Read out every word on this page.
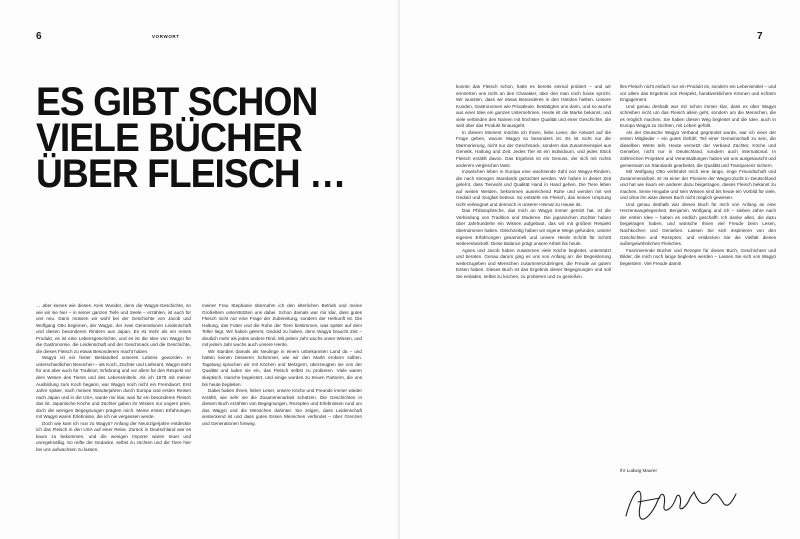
6	VORWORT
ES GIBT SCHON
VIELE BÜCHER
ÜBER FLEISCH …

… aber keines wie dieses. Kein Wunder, denn die Wagyū-Geschichte, so wie wir sie hier – in seiner ganzen Tiefe und Seele – erzählen, ist auch für uns neu. Dann müssen wir wohl bei der Geschichte von Jacob und Wolfgang Otto beginnen, der Wagyū, der zwei Generationen Leidenschaft und diesen besonderen Rindern aus Japan. Es ist mehr als ein reines Produkt, es ist eine Lebensgeschichte, und es ist die Idee von Wagyū für die Gastronomie, die Leidenschaft und der Geschmack und die Geschichte, die dieses Fleisch zu etwas Besonderem macht haben.

Wagyū ist ein fester Bestandteil unseres Lebens geworden. In unterschiedlichen Bereichen – als Koch, Züchter und Lieferant. Wagyū steht für uns aber auch für Tradition, Erfahrung und vor allem für den Respekt vor dem Wesen des Tieres und des Lebensmittels. Als ich 1978 mit meiner Ausbildung zum Koch begann, war Wagyū noch nicht ein Fremdwort. Erst Jahre später, nach meinen Wanderjahren durch Europa und ersten Reisen nach Japan und in die USA, wurde mir klar, was für ein besonderes Fleisch das ist. Japanische Köche und Züchter gaben ihr Wissen nur ungern preis, doch die wenigen Begegnungen prägten mich. Meine ersten Erfahrungen mit Wagyū waren Erlebnisse, die ich nie vergessen werde.

Doch wie kam ich nun zu Wagyū? Anfang der Neunzigerjahre entdeckte ich das Fleisch in den USA auf einer Reise. Zurück in Deutschland war es kaum zu bekommen, und die wenigen Importe waren teuer und unregelmäßig. So reifte der Gedanke, selbst zu züchten und die Tiere hier bei uns aufwachsen zu lassen.

meiner Frau Stephanie übernahm ich den elterlichen Betrieb und meine Großeltern unterstützten uns dabei. Schon damals war mir klar, dass gutes Fleisch nicht nur eine Frage der Zubereitung, sondern der Herkunft ist. Die Haltung, das Futter und die Ruhe der Tiere bestimmen, was später auf dem Teller liegt. Wir haben gelernt, Geduld zu haben, denn Wagyū braucht Zeit – deutlich mehr als jedes andere Rind. Mit jedem Jahr wuchs unser Wissen, und mit jedem Jahr wuchs auch unsere Herde.

Wir standen damals als Neulinge in einem unbekannten Land da – und hatten keinen besseren Schimmer, wie wir den Markt erobern sollten. Tagelang sprachen wir mit Köchen und Metzgern, überzeugten sie von der Qualität und luden sie ein, das Fleisch selbst zu probieren. Viele waren skeptisch, manche begeistert, und einige wurden zu treuen Partnern, die uns bis heute begleiten.

Dabei haben Ihnen, lieber Leser, unsere Köche und Freunde immer wieder erzählt, wie sehr sie die Zusammenarbeit schätzen. Die Geschichten in diesem Buch erzählen von Begegnungen, Rezepten und Erlebnissen rund um das Wagyū und die Menschen dahinter. Sie zeigen, dass Leidenschaft ansteckend ist und dass gutes Essen Menschen verbindet – über Grenzen und Generationen hinweg.

7

konnte das Fleisch schon, hatte es bereits einmal probiert – und wir erinnerten uns nicht an den Charakter, über den man noch heute spricht. Wir wussten, dass wir etwas Besonderes in den Händen hielten. Unsere Kunden, Gastronomen wie Privatleute, bestätigten uns darin, und so wuchs aus einer Idee ein ganzes Unternehmen. Heute ist die Marke bekannt, und viele verbinden den Namen mit höchster Qualität und einer Geschichte, die weit über das Produkt hinausgeht.

In diesem Moment möchte ich Ihnen, liebe Leser, die Antwort auf die Frage geben, warum Wagyū so besonders ist. Es ist nicht nur die Marmorierung, nicht nur der Geschmack, sondern das Zusammenspiel aus Genetik, Haltung und Zeit. Jedes Tier ist ein Individuum, und jedes Stück Fleisch erzählt davon. Das Ergebnis ist ein Genuss, der sich mit nichts anderem vergleichen lässt.

Inzwischen leben in Europa eine wachsende Zahl von Wagyū-Rindern, die nach strengen Standards gezüchtet werden. Wir haben in dieser Zeit gelernt, dass Tierwohl und Qualität Hand in Hand gehen. Die Tiere leben auf weiten Weiden, bekommen ausreichend Ruhe und werden mit viel Geduld und Sorgfalt betreut. So entsteht ein Fleisch, das seinen Ursprung nicht verleugnet und dennoch in unserer Heimat zu Hause ist.

Das Philosophische, das mich an Wagyū immer gereizt hat, ist die Verbindung von Tradition und Moderne. Die japanischen Züchter haben über Jahrhunderte ein Wissen aufgebaut, das wir mit großem Respekt übernommen haben. Gleichzeitig haben wir eigene Wege gefunden, unsere eigenen Erfahrungen gesammelt und unsere Herde Schritt für Schritt weiterentwickelt. Diese Balance prägt unsere Arbeit bis heute.

Agnes und Jacob haben zusammen viele Köche begleitet, unterstützt und beraten. Genau darum ging es uns von Anfang an: die Begeisterung weiterzugeben und Menschen zusammenzubringen, die Freude an gutem Essen haben. Dieses Buch ist das Ergebnis dieser Begegnungen und soll Sie einladen, selbst zu kochen, zu probieren und zu genießen.

lles Fleisch nicht einfach nur ein Produkt ist, sondern ein Lebensmittel – und vor allem das Ergebnis von Respekt, handwerklichem Können und echtem Engagement.

Und genau deshalb war mir schon immer klar, dass es über Wagyū schreiben nicht um das Fleisch allein geht, sondern um die Menschen, die es möglich machen. Sie haben diesen Weg begleitet und die Idee, auch in Europa Wagyū zu züchten, mit Leben gefüllt.

Als der Deutsche Wagyū Verband gegründet wurde, war ich einer der ersten Mitglieder – ein gutes Gefühl, Teil einer Gemeinschaft zu sein, die dieselben Werte teilt. Heute vernetzt der Verband Züchter, Köche und Genießer, nicht nur in Deutschland, sondern auch international. In zahlreichen Projekten und Veranstaltungen haben wir uns ausgetauscht und gemeinsam an Standards gearbeitet, die Qualität und Transparenz sichern.

Mit Wolfgang Otto verbindet mich eine lange, enge Freundschaft und Zusammenarbeit. Er ist einer der Pioniere der Wagyū-Zucht in Deutschland und hat wie kaum ein anderer dazu beigetragen, dieses Fleisch bekannt zu machen. Seine Hingabe und sein Wissen sind bis heute ein Vorbild für viele, und ohne ihn wäre dieses Buch nicht möglich gewesen.

Und genau deshalb war dieses Buch für mich von Anfang an eine Herzensangelegenheit. Benjamin, Wolfgang und ich – sieben Jahre nach der ersten Idee – haben es endlich geschafft. Ich danke allen, die dazu beigetragen haben, und wünsche Ihnen viel Freude beim Lesen, Nachkochen und Genießen. Lassen Sie sich inspirieren von den Geschichten und Rezepten, und entdecken Sie die Vielfalt dieses außergewöhnlichen Fleisches.

Faszinierende Bücher und Rezepte für dieses Buch, Geschichten und Bilder, die mich noch lange begleiten werden – Lassen Sie sich von Wagyū begeistern. Viel Freude damit!

Ihr Ludwig Maurer
